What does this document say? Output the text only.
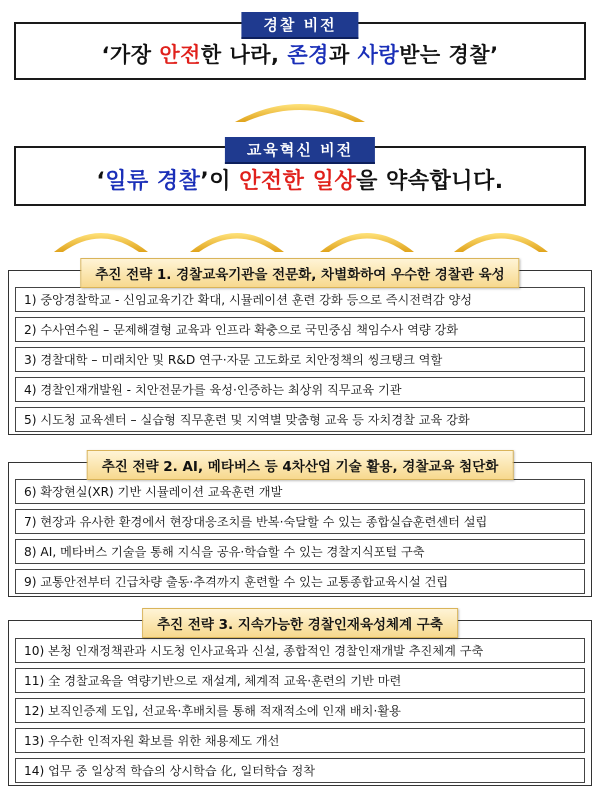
‘가장 안전한 나라, 존경과 사랑받는 경찰’
경찰 비전
‘일류 경찰’이 안전한 일상을 약속합니다.
교육혁신 비전
1) 중앙경찰학교 - 신임교육기간 확대, 시뮬레이션 훈련 강화 등으로 즉시전력감 양성
2) 수사연수원 – 문제해결형 교육과 인프라 확충으로 국민중심 책임수사 역량 강화
3) 경찰대학 – 미래치안 및 R&D 연구·자문 고도화로 치안정책의 씽크탱크 역할
4) 경찰인재개발원 - 치안전문가를 육성·인증하는 최상위 직무교육 기관
5) 시도청 교육센터 – 실습형 직무훈련 및 지역별 맞춤형 교육 등 자치경찰 교육 강화
추진 전략 1. 경찰교육기관을 전문화, 차별화하여 우수한 경찰관 육성
6) 확장현실(XR) 기반 시뮬레이션 교육훈련 개발
7) 현장과 유사한 환경에서 현장대응조치를 반복·숙달할 수 있는 종합실습훈련센터 설립
8) AI, 메타버스 기술을 통해 지식을 공유·학습할 수 있는 경찰지식포털 구축
9) 교통안전부터 긴급차량 출동·추격까지 훈련할 수 있는 교통종합교육시설 건립
추진 전략 2. AI, 메타버스 등 4차산업 기술 활용, 경찰교육 첨단화
10) 본청 인재정책관과 시도청 인사교육과 신설, 종합적인 경찰인재개발 추진체계 구축
11) 全 경찰교육을 역량기반으로 재설계, 체계적 교육·훈련의 기반 마련
12) 보직인증제 도입, 선교육·후배치를 통해 적재적소에 인재 배치·활용
13) 우수한 인적자원 확보를 위한 채용제도 개선
14) 업무 중 일상적 학습의 상시학습 化, 일터학습 정착
추진 전략 3. 지속가능한 경찰인재육성체계 구축
